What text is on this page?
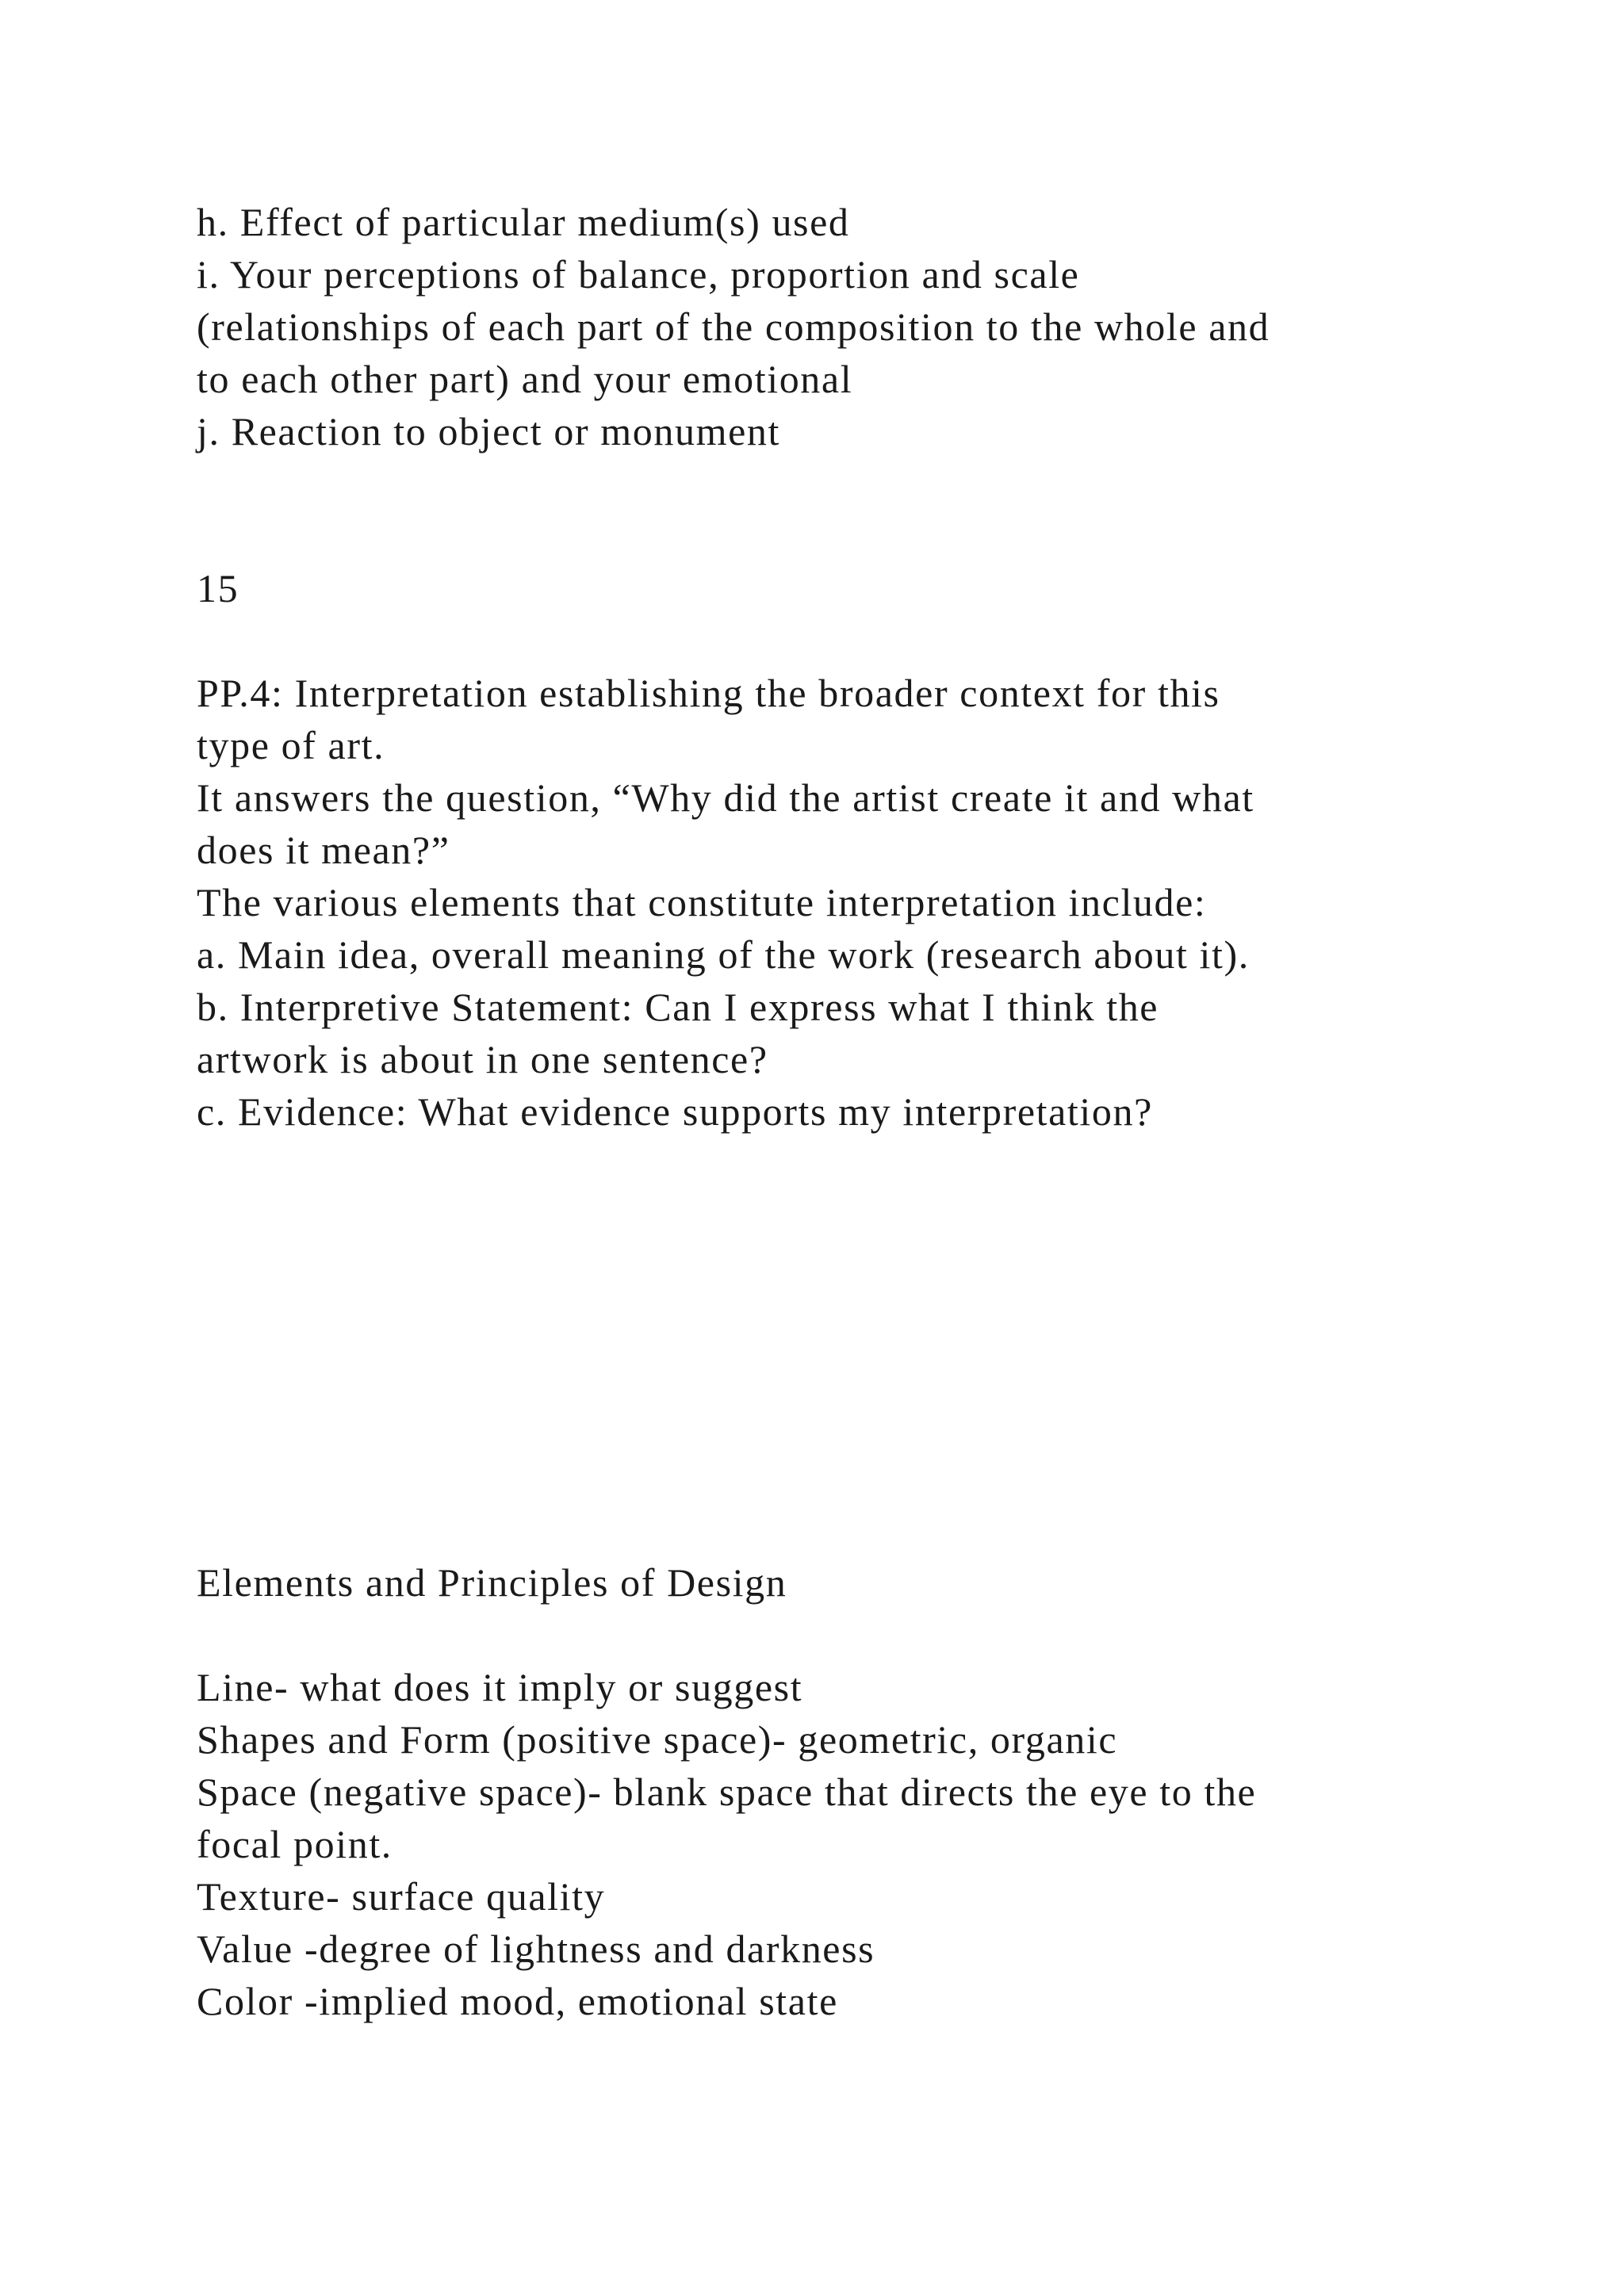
h. Effect of particular medium(s) used

i. Your perceptions of balance, proportion and scale

(relationships of each part of the composition to the whole and

to each other part) and your emotional

j. Reaction to object or monument

15

PP.4: Interpretation establishing the broader context for this

type of art.

It answers the question, “Why did the artist create it and what

does it mean?”

The various elements that constitute interpretation include:

a. Main idea, overall meaning of the work (research about it).

b. Interpretive Statement: Can I express what I think the

artwork is about in one sentence?

c. Evidence: What evidence supports my interpretation?

Elements and Principles of Design

Line- what does it imply or suggest

Shapes and Form (positive space)- geometric, organic

Space (negative space)- blank space that directs the eye to the

focal point.

Texture- surface quality

Value -degree of lightness and darkness

Color -implied mood, emotional state
